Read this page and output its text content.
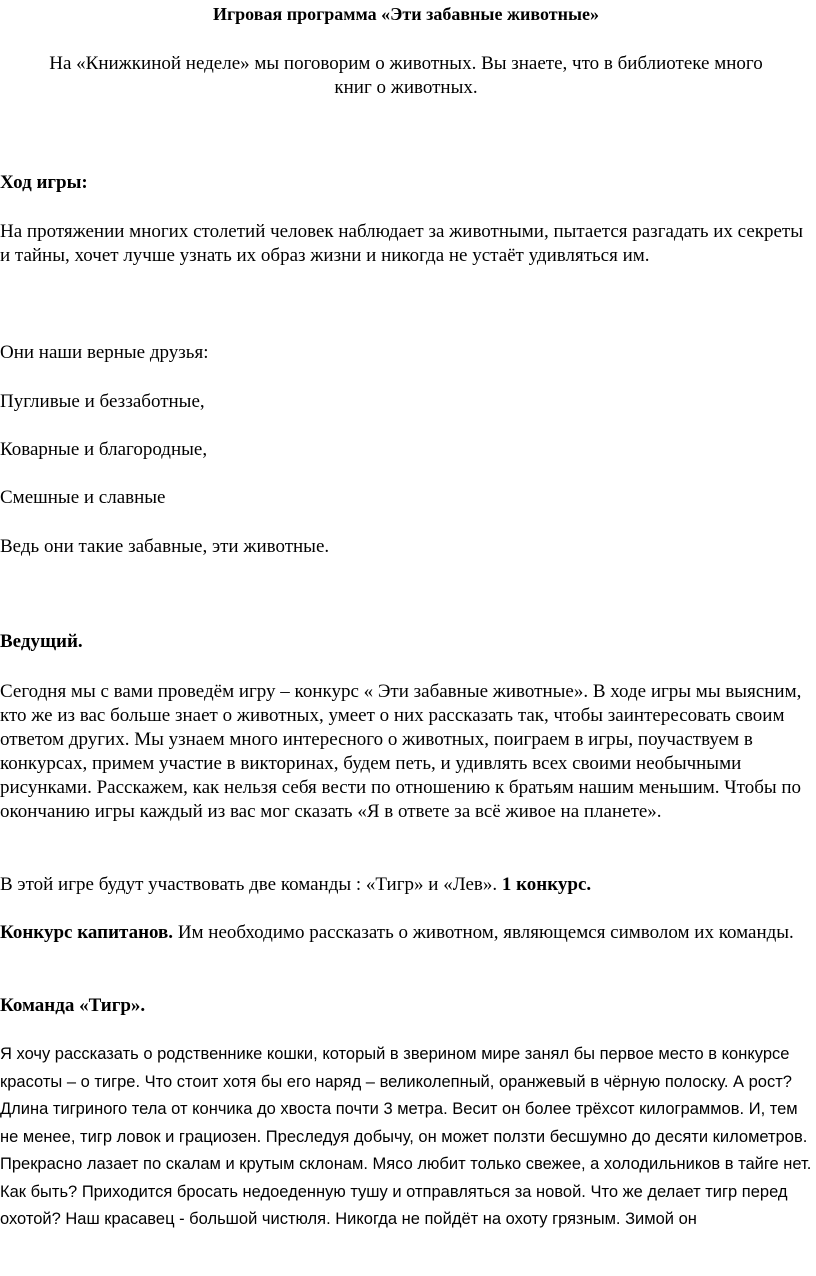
Игровая программа «Эти забавные животные»

На «Книжкиной неделе» мы поговорим о животных. Вы знаете, что в библиотеке много
книг о животных.

Ход игры:

На протяжении многих столетий человек наблюдает за животными, пытается разгадать их секреты и тайны, хочет лучше узнать их образ жизни и никогда не устаёт удивляться им.

Они наши верные друзья:

Пугливые и беззаботные,

Коварные и благородные,

Смешные и славные

Ведь они такие забавные, эти животные.

Ведущий.

Сегодня мы с вами проведём игру – конкурс « Эти забавные животные». В ходе игры мы выясним, кто же из вас больше знает о животных, умеет о них рассказать так, чтобы заинтересовать своим ответом других. Мы узнаем много интересного о животных, поиграем в игры, поучаствуем в конкурсах, примем участие в викторинах, будем петь, и удивлять всех своими необычными рисунками. Расскажем, как нельзя себя вести по отношению к братьям нашим меньшим. Чтобы по окончанию игры каждый из вас мог сказать «Я в ответе за всё живое на планете».

В этой игре будут участвовать две команды : «Тигр» и «Лев». 1 конкурс.

Конкурс капитанов. Им необходимо рассказать о животном, являющемся символом их команды.

Команда «Тигр».

Я хочу рассказать о родственнике кошки, который в зверином мире занял бы первое место в конкурсе красоты – о тигре. Что стоит хотя бы его наряд – великолепный, оранжевый в чёрную полоску. А рост? Длина тигриного тела от кончика до хвоста почти 3 метра. Весит он более трёхсот килограммов. И, тем не менее, тигр ловок и грациозен. Преследуя добычу, он может ползти бесшумно до десяти километров. Прекрасно лазает по скалам и крутым склонам. Мясо любит только свежее, а холодильников в тайге нет. Как быть? Приходится бросать недоеденную тушу и отправляться за новой. Что же делает тигр перед охотой? Наш красавец - большой чистюля. Никогда не пойдёт на охоту грязным. Зимой он
